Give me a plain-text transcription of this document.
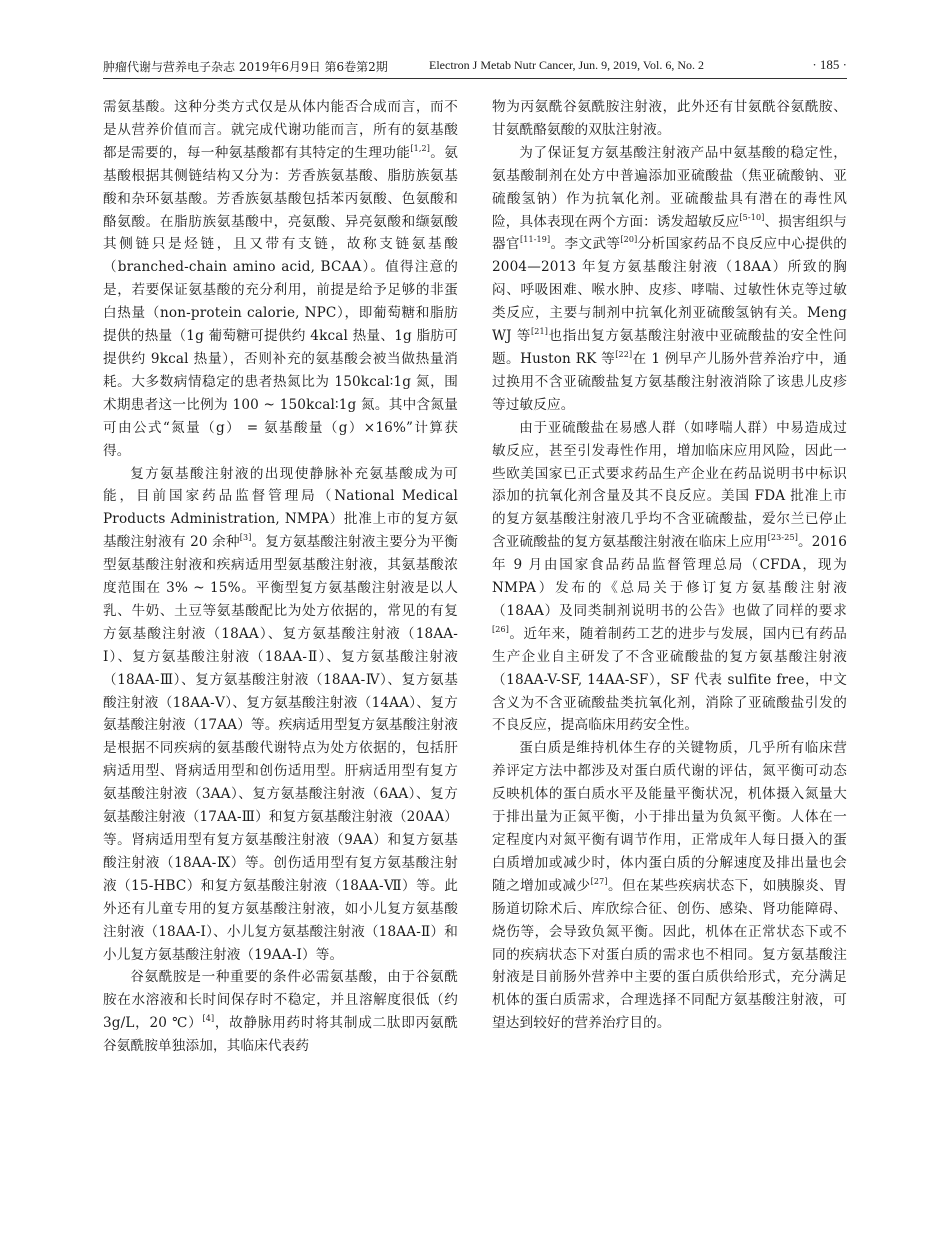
肿瘤代谢与营养电子杂志 2019年6月9日 第6卷第2期	Electron J Metab Nutr Cancer, Jun. 9, 2019, Vol. 6, No. 2	· 185 ·

需氨基酸。这种分类方式仅是从体内能否合成而言，而不是从营养价值而言。就完成代谢功能而言，所有的氨基酸都是需要的，每一种氨基酸都有其特定的生理功能[1,2]。氨基酸根据其侧链结构又分为：芳香族氨基酸、脂肪族氨基酸和杂环氨基酸。芳香族氨基酸包括苯丙氨酸、色氨酸和酪氨酸。在脂肪族氨基酸中，亮氨酸、异亮氨酸和缬氨酸其侧链只是烃链，且又带有支链，故称支链氨基酸（branched-chain amino acid, BCAA）。值得注意的是，若要保证氨基酸的充分利用，前提是给予足够的非蛋白热量（non-protein calorie, NPC），即葡萄糖和脂肪提供的热量（1g 葡萄糖可提供约 4kcal 热量、1g 脂肪可提供约 9kcal 热量），否则补充的氨基酸会被当做热量消耗。大多数病情稳定的患者热氮比为 150kcal∶1g 氮，围术期患者这一比例为 100 ~ 150kcal∶1g 氮。其中含氮量可由公式“氮量（g） = 氨基酸量（g）×16%”计算获得。

复方氨基酸注射液的出现使静脉补充氨基酸成为可能，目前国家药品监督管理局（National Medical Products Administration, NMPA）批准上市的复方氨基酸注射液有 20 余种[3]。复方氨基酸注射液主要分为平衡型氨基酸注射液和疾病适用型氨基酸注射液，其氨基酸浓度范围在 3% ~ 15%。平衡型复方氨基酸注射液是以人乳、牛奶、土豆等氨基酸配比为处方依据的，常见的有复方氨基酸注射液（18AA）、复方氨基酸注射液（18AA-Ⅰ）、复方氨基酸注射液（18AA-Ⅱ）、复方氨基酸注射液（18AA-Ⅲ）、复方氨基酸注射液（18AA-Ⅳ）、复方氨基酸注射液（18AA-Ⅴ）、复方氨基酸注射液（14AA）、复方氨基酸注射液（17AA）等。疾病适用型复方氨基酸注射液是根据不同疾病的氨基酸代谢特点为处方依据的，包括肝病适用型、肾病适用型和创伤适用型。肝病适用型有复方氨基酸注射液（3AA）、复方氨基酸注射液（6AA）、复方氨基酸注射液（17AA-Ⅲ）和复方氨基酸注射液（20AA）等。肾病适用型有复方氨基酸注射液（9AA）和复方氨基酸注射液（18AA-Ⅸ）等。创伤适用型有复方氨基酸注射液（15-HBC）和复方氨基酸注射液（18AA-Ⅶ）等。此外还有儿童专用的复方氨基酸注射液，如小儿复方氨基酸注射液（18AA-Ⅰ）、小儿复方氨基酸注射液（18AA-Ⅱ）和小儿复方氨基酸注射液（19AA-Ⅰ）等。

谷氨酰胺是一种重要的条件必需氨基酸，由于谷氨酰胺在水溶液和长时间保存时不稳定，并且溶解度很低（约 3g/L，20 ℃）[4]，故静脉用药时将其制成二肽即丙氨酰谷氨酰胺单独添加，其临床代表药

物为丙氨酰谷氨酰胺注射液，此外还有甘氨酰谷氨酰胺、甘氨酰酪氨酸的双肽注射液。

为了保证复方氨基酸注射液产品中氨基酸的稳定性，氨基酸制剂在处方中普遍添加亚硫酸盐（焦亚硫酸钠、亚硫酸氢钠）作为抗氧化剂。亚硫酸盐具有潜在的毒性风险，具体表现在两个方面：诱发超敏反应[5-10]、损害组织与器官[11-19]。李文武等[20]分析国家药品不良反应中心提供的 2004—2013 年复方氨基酸注射液（18AA）所致的胸闷、呼吸困难、喉水肿、皮疹、哮喘、过敏性休克等过敏类反应，主要与制剂中抗氧化剂亚硫酸氢钠有关。Meng WJ 等[21]也指出复方氨基酸注射液中亚硫酸盐的安全性问题。Huston RK 等[22]在 1 例早产儿肠外营养治疗中，通过换用不含亚硫酸盐复方氨基酸注射液消除了该患儿皮疹等过敏反应。

由于亚硫酸盐在易感人群（如哮喘人群）中易造成过敏反应，甚至引发毒性作用，增加临床应用风险，因此一些欧美国家已正式要求药品生产企业在药品说明书中标识添加的抗氧化剂含量及其不良反应。美国 FDA 批准上市的复方氨基酸注射液几乎均不含亚硫酸盐，爱尔兰已停止含亚硫酸盐的复方氨基酸注射液在临床上应用[23-25]。2016 年 9 月由国家食品药品监督管理总局（CFDA，现为 NMPA）发布的《总局关于修订复方氨基酸注射液（18AA）及同类制剂说明书的公告》也做了同样的要求[26]。近年来，随着制药工艺的进步与发展，国内已有药品生产企业自主研发了不含亚硫酸盐的复方氨基酸注射液（18AA-V-SF, 14AA-SF），SF 代表 sulfite free，中文含义为不含亚硫酸盐类抗氧化剂，消除了亚硫酸盐引发的不良反应，提高临床用药安全性。

蛋白质是维持机体生存的关键物质，几乎所有临床营养评定方法中都涉及对蛋白质代谢的评估，氮平衡可动态反映机体的蛋白质水平及能量平衡状况，机体摄入氮量大于排出量为正氮平衡，小于排出量为负氮平衡。人体在一定程度内对氮平衡有调节作用，正常成年人每日摄入的蛋白质增加或减少时，体内蛋白质的分解速度及排出量也会随之增加或减少[27]。但在某些疾病状态下，如胰腺炎、胃肠道切除术后、库欣综合征、创伤、感染、肾功能障碍、烧伤等，会导致负氮平衡。因此，机体在正常状态下或不同的疾病状态下对蛋白质的需求也不相同。复方氨基酸注射液是目前肠外营养中主要的蛋白质供给形式，充分满足机体的蛋白质需求，合理选择不同配方氨基酸注射液，可望达到较好的营养治疗目的。
